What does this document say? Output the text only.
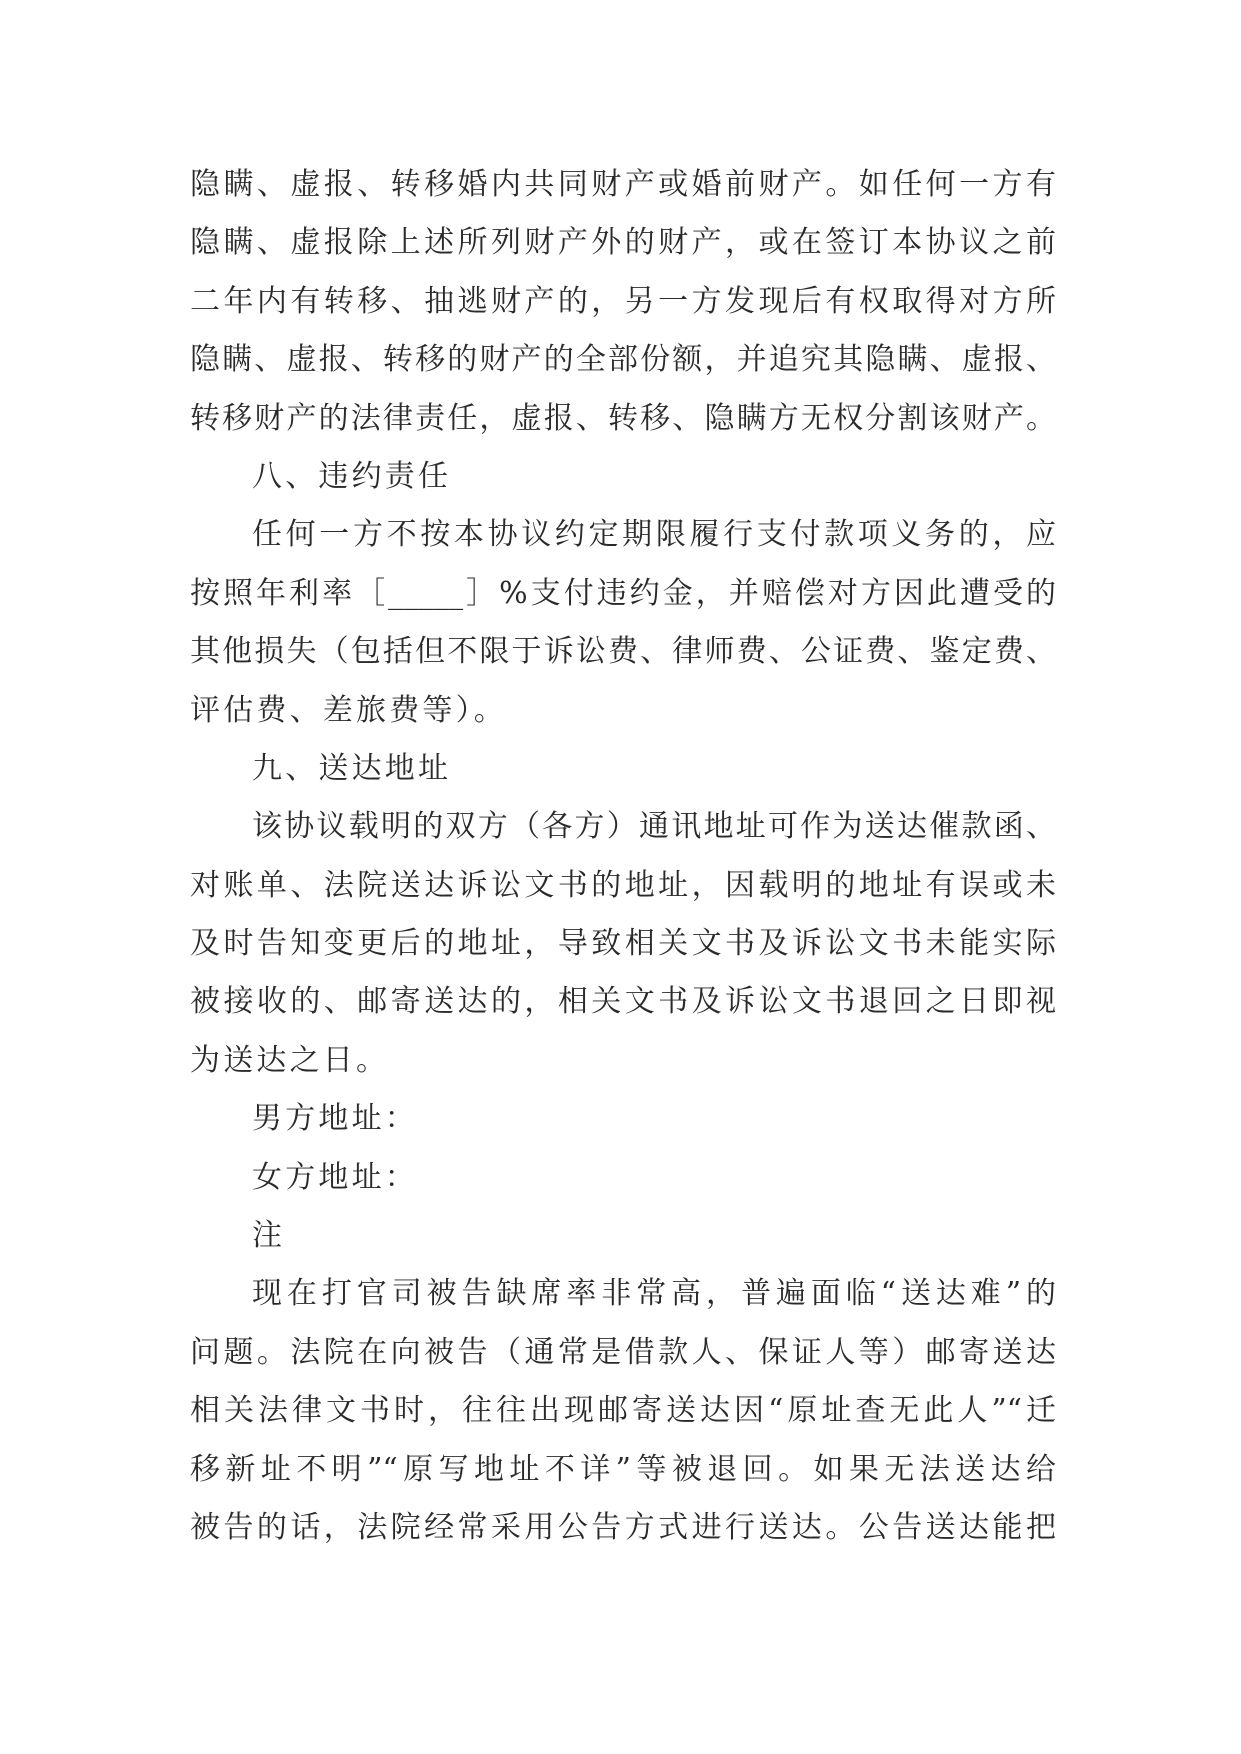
隐瞒、虚报、转移婚内共同财产或婚前财产。如任何一方有
隐瞒、虚报除上述所列财产外的财产，或在签订本协议之前
二年内有转移、抽逃财产的，另一方发现后有权取得对方所
隐瞒、虚报、转移的财产的全部份额，并追究其隐瞒、虚报、
转移财产的法律责任，虚报、转移、隐瞒方无权分割该财产。
八、违约责任
任何一方不按本协议约定期限履行支付款项义务的，应
按照年利率［_____］%支付违约金，并赔偿对方因此遭受的
其他损失（包括但不限于诉讼费、律师费、公证费、鉴定费、
评估费、差旅费等）。
九、送达地址
该协议载明的双方（各方）通讯地址可作为送达催款函、
对账单、法院送达诉讼文书的地址，因载明的地址有误或未
及时告知变更后的地址，导致相关文书及诉讼文书未能实际
被接收的、邮寄送达的，相关文书及诉讼文书退回之日即视
为送达之日。
男方地址：
女方地址：
注
现在打官司被告缺席率非常高，普遍面临“送达难”的
问题。法院在向被告（通常是借款人、保证人等）邮寄送达
相关法律文书时，往往出现邮寄送达因“原址查无此人”“迁
移新址不明”“原写地址不详”等被退回。如果无法送达给
被告的话，法院经常采用公告方式进行送达。公告送达能把
